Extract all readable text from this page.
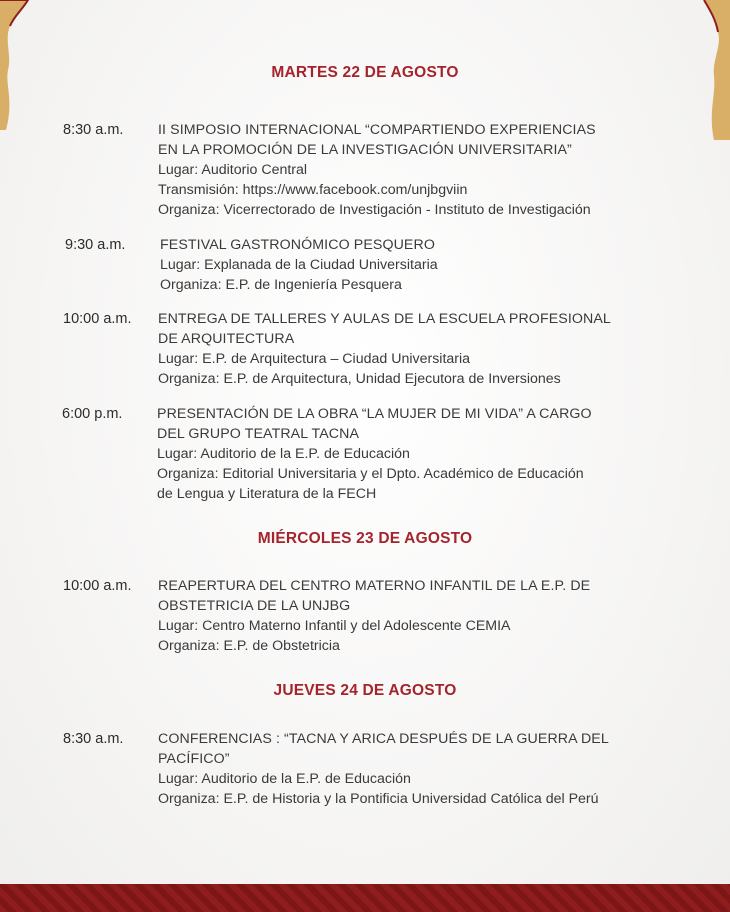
MARTES 22 DE AGOSTO
8:30 a.m. II SIMPOSIO INTERNACIONAL “COMPARTIENDO EXPERIENCIAS
EN LA PROMOCIÓN DE LA INVESTIGACIÓN UNIVERSITARIA”
Lugar: Auditorio Central
Transmisión: https://www.facebook.com/unjbgviin
Organiza: Vicerrectorado de Investigación - Instituto de Investigación
9:30 a.m. FESTIVAL GASTRONÓMICO PESQUERO
Lugar: Explanada de la Ciudad Universitaria
Organiza: E.P. de Ingeniería Pesquera
10:00 a.m. ENTREGA DE TALLERES Y AULAS DE LA ESCUELA PROFESIONAL
DE ARQUITECTURA
Lugar: E.P. de Arquitectura – Ciudad Universitaria
Organiza: E.P. de Arquitectura, Unidad Ejecutora de Inversiones
6:00 p.m. PRESENTACIÓN DE LA OBRA “LA MUJER DE MI VIDA” A CARGO
DEL GRUPO TEATRAL TACNA
Lugar: Auditorio de la E.P. de Educación
Organiza: Editorial Universitaria y el Dpto. Académico de Educación
de Lengua y Literatura de la FECH
MIÉRCOLES 23 DE AGOSTO
10:00 a.m. REAPERTURA DEL CENTRO MATERNO INFANTIL DE LA E.P. DE
OBSTETRICIA DE LA UNJBG
Lugar: Centro Materno Infantil y del Adolescente CEMIA
Organiza: E.P. de Obstetricia
JUEVES 24 DE AGOSTO
8:30 a.m. CONFERENCIAS : “TACNA Y ARICA DESPUÉS DE LA GUERRA DEL
PACÍFICO”
Lugar: Auditorio de la E.P. de Educación
Organiza: E.P. de Historia y la Pontificia Universidad Católica del Perú
